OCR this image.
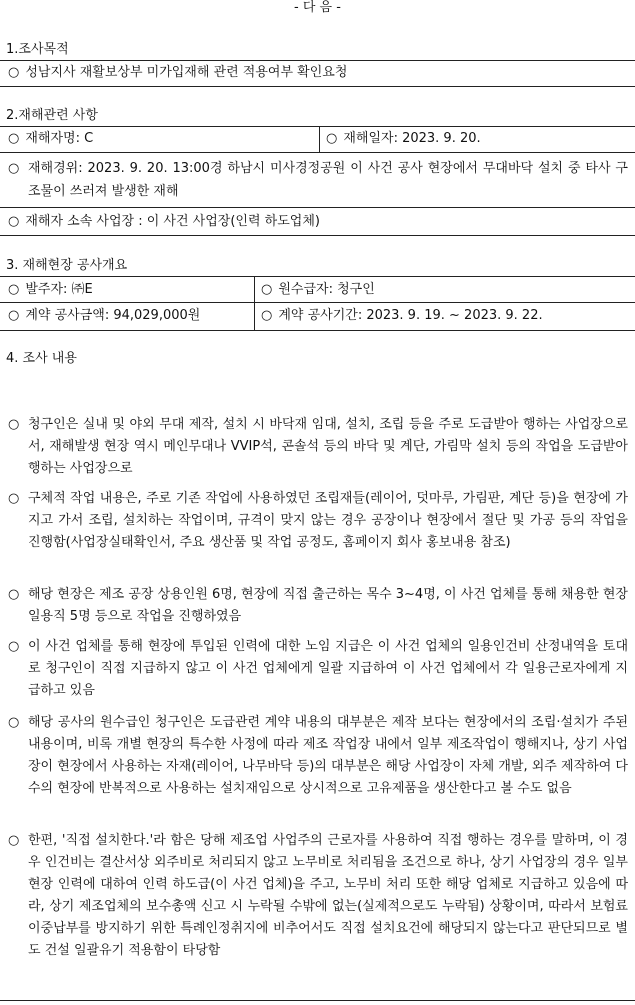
- 다 음 -
1.조사목적
○ 성남지사 재활보상부 미가입재해 관련 적용여부 확인요청
2.재해관련 사항
○ 재해자명: C	○ 재해일자: 2023. 9. 20.
○ 재해경위: 2023. 9. 20. 13:00경 하남시 미사경정공원 이 사건 공사 현장에서 무대바닥 설치 중 타사 구조물이 쓰러져 발생한 재해
○ 재해자 소속 사업장 : 이 사건 사업장(인력 하도업체)
3. 재해현장 공사개요
○ 발주자: ㈜E	○ 원수급자: 청구인
○ 계약 공사금액: 94,029,000원	○ 계약 공사기간: 2023. 9. 19. ~ 2023. 9. 22.
4. 조사 내용
○ 청구인은 실내 및 야외 무대 제작, 설치 시 바닥재 임대, 설치, 조립 등을 주로 도급받아 행하는 사업장으로서, 재해발생 현장 역시 메인무대나 VVIP석, 콘솔석 등의 바닥 및 계단, 가림막 설치 등의 작업을 도급받아 행하는 사업장으로
○ 구체적 작업 내용은, 주로 기존 작업에 사용하였던 조립재들(레이어, 덧마루, 가림판, 계단 등)을 현장에 가지고 가서 조립, 설치하는 작업이며, 규격이 맞지 않는 경우 공장이나 현장에서 절단 및 가공 등의 작업을 진행함(사업장실태확인서, 주요 생산품 및 작업 공정도, 홈페이지 회사 홍보내용 참조)
○ 해당 현장은 제조 공장 상용인원 6명, 현장에 직접 출근하는 목수 3~4명, 이 사건 업체를 통해 채용한 현장 일용직 5명 등으로 작업을 진행하였음
○ 이 사건 업체를 통해 현장에 투입된 인력에 대한 노임 지급은 이 사건 업체의 일용인건비 산정내역을 토대로 청구인이 직접 지급하지 않고 이 사건 업체에게 일괄 지급하여 이 사건 업체에서 각 일용근로자에게 지급하고 있음
○ 해당 공사의 원수급인 청구인은 도급관련 계약 내용의 대부분은 제작 보다는 현장에서의 조립·설치가 주된 내용이며, 비록 개별 현장의 특수한 사정에 따라 제조 작업장 내에서 일부 제조작업이 행해지나, 상기 사업장이 현장에서 사용하는 자재(레이어, 나무바닥 등)의 대부분은 해당 사업장이 자체 개발, 외주 제작하여 다수의 현장에 반복적으로 사용하는 설치재임으로 상시적으로 고유제품을 생산한다고 볼 수도 없음
○ 한편, '직접 설치한다.'라 함은 당해 제조업 사업주의 근로자를 사용하여 직접 행하는 경우를 말하며, 이 경우 인건비는 결산서상 외주비로 처리되지 않고 노무비로 처리됨을 조건으로 하나, 상기 사업장의 경우 일부 현장 인력에 대하여 인력 하도급(이 사건 업체)을 주고, 노무비 처리 또한 해당 업체로 지급하고 있음에 따라, 상기 제조업체의 보수총액 신고 시 누락될 수밖에 없는(실제적으로도 누락됨) 상황이며, 따라서 보험료 이중납부를 방지하기 위한 특례인정취지에 비추어서도 직접 설치요건에 해당되지 않는다고 판단되므로 별도 건설 일괄유기 적용함이 타당함
